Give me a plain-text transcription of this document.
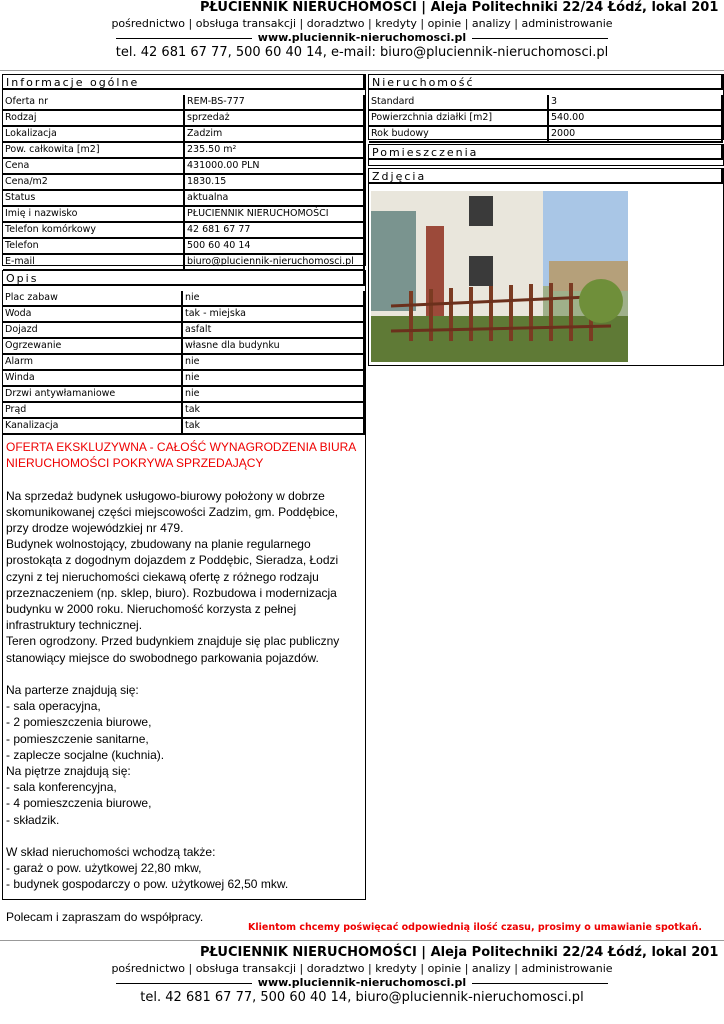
PŁUCIENNIK NIERUCHOMOŚCI | Aleja Politechniki 22/24 Łódź, lokal 201
pośrednictwo | obsługa transakcji | doradztwo | kredyty | opinie | analizy | administrowanie
www.pluciennik-nieruchomosci.pl
tel. 42 681 67 77, 500 60 40 14, e-mail: biuro@pluciennik-nieruchomosci.pl
Informacje ogólne
Oferta nr	REM-BS-777
Rodzaj	sprzedaż
Lokalizacja	Zadzim
Pow. całkowita [m2]	235.50 m²
Cena	431000.00 PLN
Cena/m2	1830.15
Status	aktualna
Imię i nazwisko	PŁUCIENNIK NIERUCHOMOŚCI
Telefon komórkowy	42 681 67 77
Telefon	500 60 40 14
E-mail	biuro@pluciennik-nieruchomosci.pl
Opis
Plac zabaw	nie
Woda	tak - miejska
Dojazd	asfalt
Ogrzewanie	własne dla budynku
Alarm	nie
Winda	nie
Drzwi antywłamaniowe	nie
Prąd	tak
Kanalizacja	tak

OFERTA EKSKLUZYWNA - CAŁOŚĆ WYNAGRODZENIA BIURA NIERUCHOMOŚCI POKRYWA SPRZEDAJĄCY

Na sprzedaż budynek usługowo-biurowy położony w dobrze skomunikowanej części miejscowości Zadzim, gm. Poddębice, przy drodze wojewódzkiej nr 479.

Budynek wolnostojący, zbudowany na planie regularnego prostokąta z dogodnym dojazdem z Poddębic, Sieradza, Łodzi czyni z tej nieruchomości ciekawą ofertę z różnego rodzaju przeznaczeniem (np. sklep, biuro). Rozbudowa i modernizacja budynku w 2000 roku. Nieruchomość korzysta z pełnej infrastruktury technicznej.

Teren ogrodzony. Przed budynkiem znajduje się plac publiczny stanowiący miejsce do swobodnego parkowania pojazdów.

Na parterze znajdują się:

- sala operacyjna,

- 2 pomieszczenia biurowe,

- pomieszczenie sanitarne,

- zaplecze socjalne (kuchnia).

Na piętrze znajdują się:

- sala konferencyjna,

- 4 pomieszczenia biurowe,

- składzik.

W skład nieruchomości wchodzą także:

- garaż o pow. użytkowej 22,80 mkw,

- budynek gospodarczy o pow. użytkowej 62,50 mkw.

Polecam i zapraszam do współpracy.

Nieruchomość
Standard	3
Powierzchnia działki [m2]	540.00
Rok budowy	2000
Pomieszczenia
Zdjęcia
Klientom chcemy poświęcać odpowiednią ilość czasu, prosimy o umawianie spotkań.
PŁUCIENNIK NIERUCHOMOŚCI | Aleja Politechniki 22/24 Łódź, lokal 201
pośrednictwo | obsługa transakcji | doradztwo | kredyty | opinie | analizy | administrowanie
www.pluciennik-nieruchomosci.pl
tel. 42 681 67 77, 500 60 40 14, biuro@pluciennik-nieruchomosci.pl
